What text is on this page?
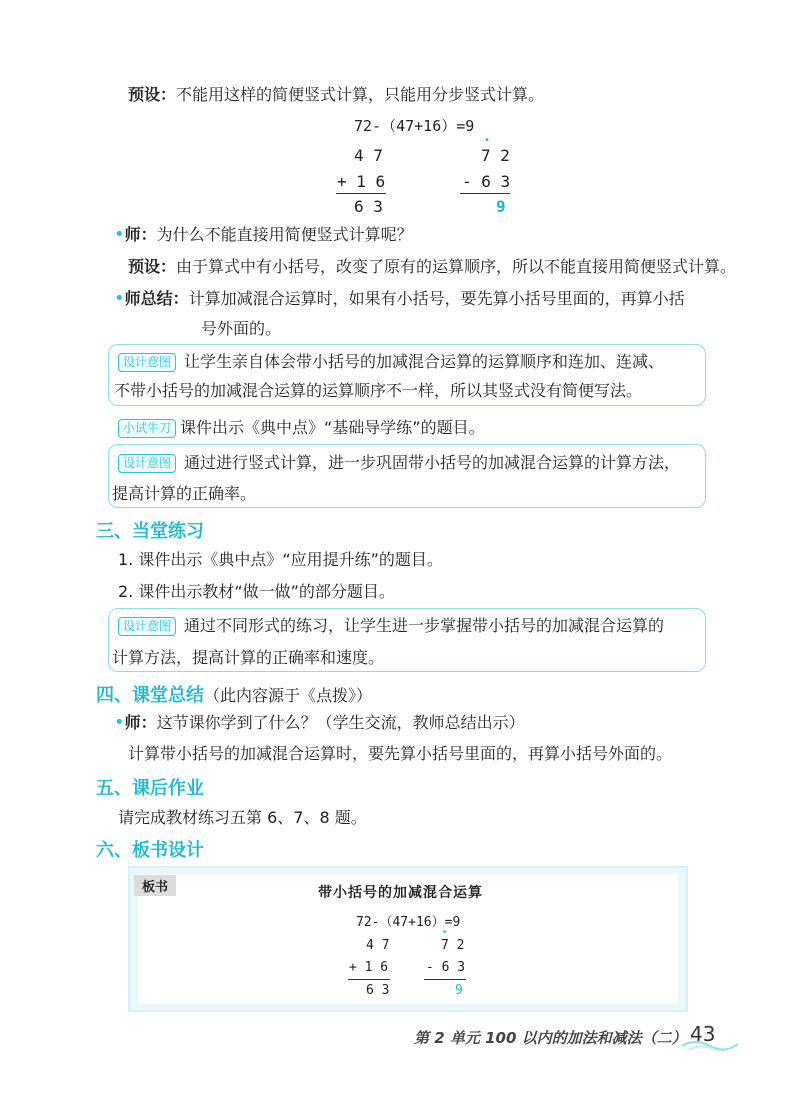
预设：不能用这样的简便竖式计算，只能用分步竖式计算。
72-（47+16）=9
4 7
+ 1 6
6 3
•
7 2
- 6 3
9
•师：为什么不能直接用简便竖式计算呢？
预设：由于算式中有小括号，改变了原有的运算顺序，所以不能直接用简便竖式计算。
•师总结：计算加减混合运算时，如果有小括号，要先算小括号里面的，再算小括
号外面的。
设计意图 让学生亲自体会带小括号的加减混合运算的运算顺序和连加、连减、
不带小括号的加减混合运算的运算顺序不一样，所以其竖式没有简便写法。
小试牛刀 课件出示《典中点》“基础导学练”的题目。
设计意图 通过进行竖式计算，进一步巩固带小括号的加减混合运算的计算方法，
提高计算的正确率。
三、当堂练习
1. 课件出示《典中点》“应用提升练”的题目。
2. 课件出示教材“做一做”的部分题目。
设计意图 通过不同形式的练习，让学生进一步掌握带小括号的加减混合运算的
计算方法，提高计算的正确率和速度。
四、课堂总结（此内容源于《点拨》）
•师：这节课你学到了什么？（学生交流，教师总结出示）
计算带小括号的加减混合运算时，要先算小括号里面的，再算小括号外面的。
五、课后作业
请完成教材练习五第 6、7、8 题。
六、板书设计
板书	带小括号的加减混合运算
72-（47+16）=9
4 7
+ 1 6
6 3
•
7 2
- 6 3
9
第 2 单元 100 以内的加法和减法（二） 43
